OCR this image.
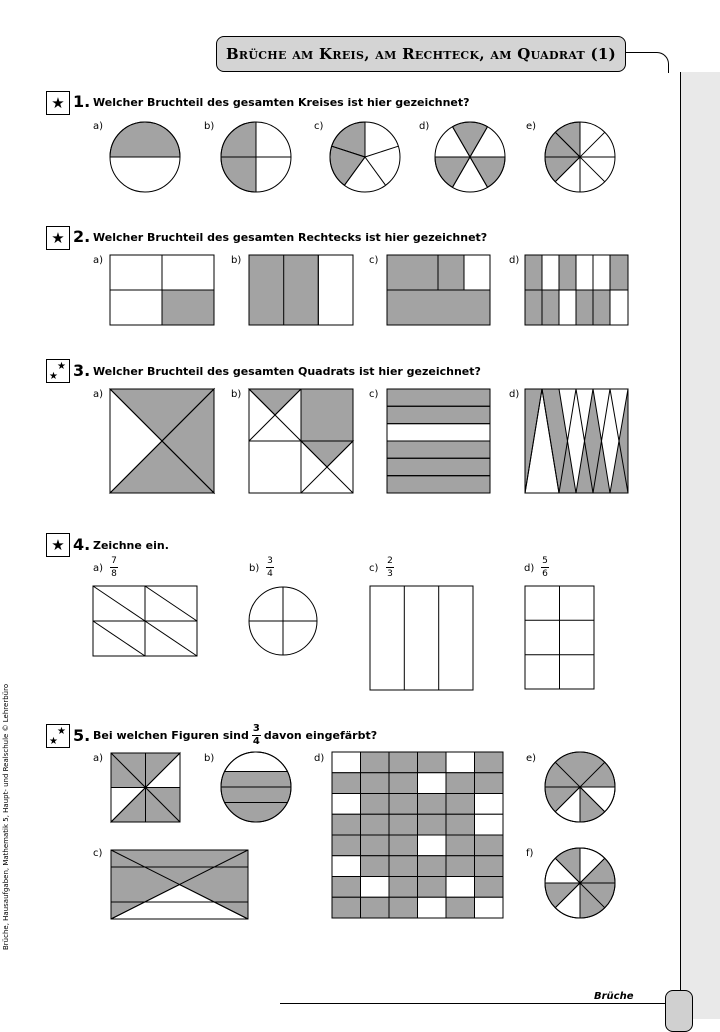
Brüche am Kreis, am Rechteck, am Quadrat (1)
Brüche
Brüche, Hausaufgaben, Mathematik 5, Haupt- und Realschule © Lehrerbüro
★ 1. Welcher Bruchteil des gesamten Kreises ist hier gezeichnet?
a)	b)	c)	d)	e)
★ 2. Welcher Bruchteil des gesamten Rechtecks ist hier gezeichnet?
a)	b)	c)	d)
★
★ 3. Welcher Bruchteil des gesamten Quadrats ist hier gezeichnet?
a)	b)	c)	d)
★ 4. Zeichne ein.
a)
7
8	b)
3
4	c)
2
3	d)
5
6
★
★ 5. Bei welchen Figuren sind $\frac{3}{4}$ davon eingefärbt?
a)	b)
c)
d)	e)
f)
